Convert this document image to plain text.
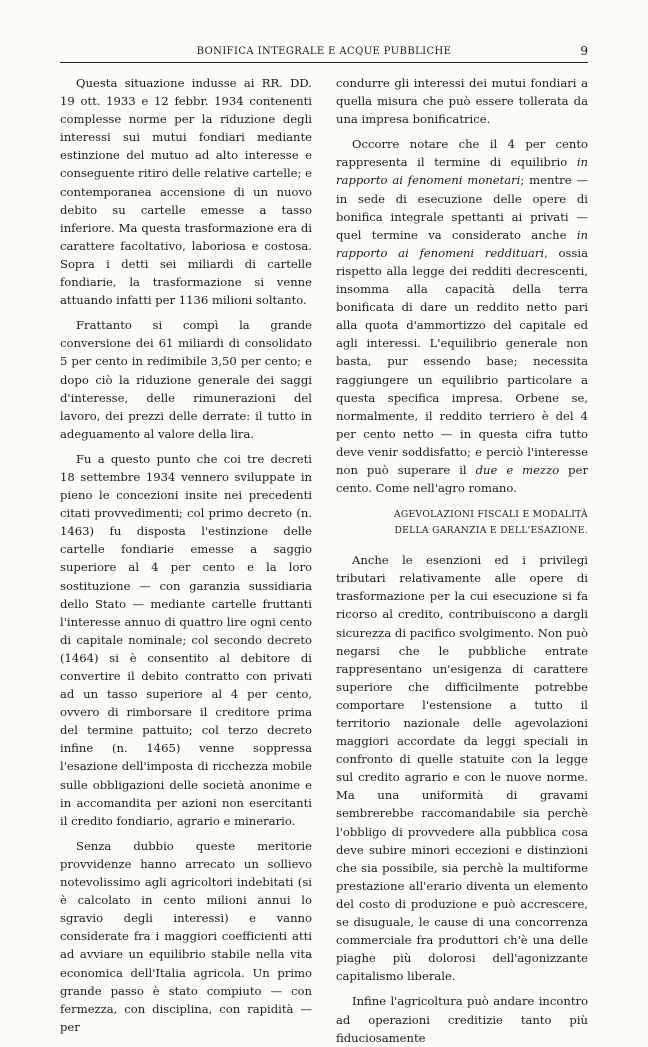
BONIFICA INTEGRALE E ACQUE PUBBLICHE	9

Questa situazione indusse ai RR. DD. 19 ott. 1933 e 12 febbr. 1934 contenenti complesse norme per la riduzione degli interessi sui mutui fondiari mediante estinzione del mutuo ad alto interesse e conseguente ritiro delle relative cartelle; e contemporanea accensione di un nuovo debito su cartelle emesse a tasso inferiore. Ma questa trasformazione era di carattere facoltativo, laboriosa e costosa. Sopra i detti sei miliardi di cartelle fondiarie, la trasformazione si venne attuando infatti per 1136 milioni soltanto.

Frattanto si compì la grande conversione dei 61 miliardi di consolidato 5 per cento in redimibile 3,50 per cento; e dopo ciò la riduzione generale dei saggi d'interesse, delle rimunerazioni del lavoro, dei prezzi delle derrate: il tutto in adeguamento al valore della lira.

Fu a questo punto che coi tre decreti 18 settembre 1934 vennero sviluppate in pieno le concezioni insite nei precedenti citati provvedimenti; col primo decreto (n. 1463) fu disposta l'estinzione delle cartelle fondiarie emesse a saggio superiore al 4 per cento e la loro sostituzione — con garanzia sussidiaria dello Stato — mediante cartelle fruttanti l'interesse annuo di quattro lire ogni cento di capitale nominale; col secondo decreto (1464) si è consentito al debitore di convertire il debito contratto con privati ad un tasso superiore al 4 per cento, ovvero di rimborsare il creditore prima del termine pattuito; col terzo decreto infine (n. 1465) venne soppressa l'esazione dell'imposta di ricchezza mobile sulle obbligazioni delle società anonime e in accomandita per azioni non esercitanti il credito fondiario, agrario e minerario.

Senza dubbio queste meritorie provvidenze hanno arrecato un sollievo notevolissimo agli agricoltori indebitati (si è calcolato in cento milioni annui lo sgravio degli interessi) e vanno considerate fra i maggiori coefficienti atti ad avviare un equilibrio stabile nella vita economica dell'Italia agricola. Un primo grande passo è stato compiuto — con fermezza, con disciplina, con rapidità — per

condurre gli interessi dei mutui fondiari a quella misura che può essere tollerata da una impresa bonificatrice.

Occorre notare che il 4 per cento rappresenta il termine di equilibrio in rapporto ai fenomeni monetari; mentre — in sede di esecuzione delle opere di bonifica integrale spettanti ai privati — quel termine va considerato anche in rapporto ai fenomeni reddituari, ossia rispetto alla legge dei redditi decrescenti, insomma alla capacità della terra bonificata di dare un reddito netto pari alla quota d'ammortizzo del capitale ed agli interessi. L'equilibrio generale non basta, pur essendo base; necessita raggiungere un equilibrio particolare a questa specifica impresa. Orbene se, normalmente, il reddito terriero è del 4 per cento netto — in questa cifra tutto deve venir soddisfatto; e perciò l'interesse non può superare il due e mezzo per cento. Come nell'agro romano.

AGEVOLAZIONI FISCALI E MODALITÀ
DELLA GARANZIA E DELL'ESAZIONE.

Anche le esenzioni ed i privilegi tributari relativamente alle opere di trasformazione per la cui esecuzione si fa ricorso al credito, contribuiscono a dargli sicurezza di pacifico svolgimento. Non può negarsi che le pubbliche entrate rappresentano un'esigenza di carattere superiore che difficilmente potrebbe comportare l'estensione a tutto il territorio nazionale delle agevolazioni maggiori accordate da leggi speciali in confronto di quelle statuite con la legge sul credito agrario e con le nuove norme. Ma una uniformità di gravami sembrerebbe raccomandabile sia perchè l'obbligo di provvedere alla pubblica cosa deve subire minori eccezioni e distinzioni che sia possibile, sia perchè la multiforme prestazione all'erario diventa un elemento del costo di produzione e può accrescere, se disuguale, le cause di una concorrenza commerciale fra produttori ch'è una delle piaghe più dolorosi dell'agonizzante capitalismo liberale.

Infine l'agricoltura può andare incontro ad operazioni creditizie tanto più fiduciosamente
